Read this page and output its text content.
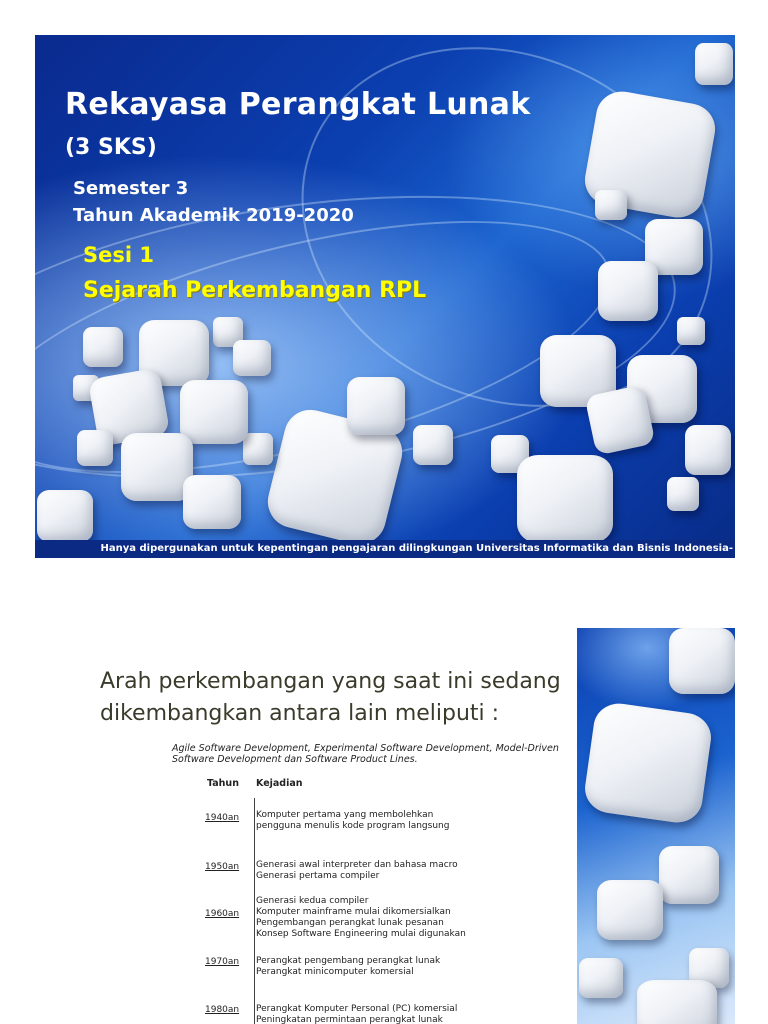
Rekayasa Perangkat Lunak
(3 SKS)
Semester 3
Tahun Akademik 2019-2020
Sesi 1
Sejarah Perkembangan RPL
Hanya dipergunakan untuk kepentingan pengajaran dilingkungan Universitas Informatika dan Bisnis Indonesia-
Arah perkembangan yang saat ini sedang dikembangkan antara lain meliputi :
Agile Software Development, Experimental Software Development, Model-Driven Software Development dan Software Product Lines.
Tahun Kejadian
1940an Komputer pertama yang membolehkan
pengguna menulis kode program langsung
1950an Generasi awal interpreter dan bahasa macro
Generasi pertama compiler
1960an
Generasi kedua compiler
Komputer mainframe mulai dikomersialkan
Pengembangan perangkat lunak pesanan
Konsep Software Engineering mulai digunakan
1970an Perangkat pengembang perangkat lunak
Perangkat minicomputer komersial
1980an Perangkat Komputer Personal (PC) komersial
Peningkatan permintaan perangkat lunak
